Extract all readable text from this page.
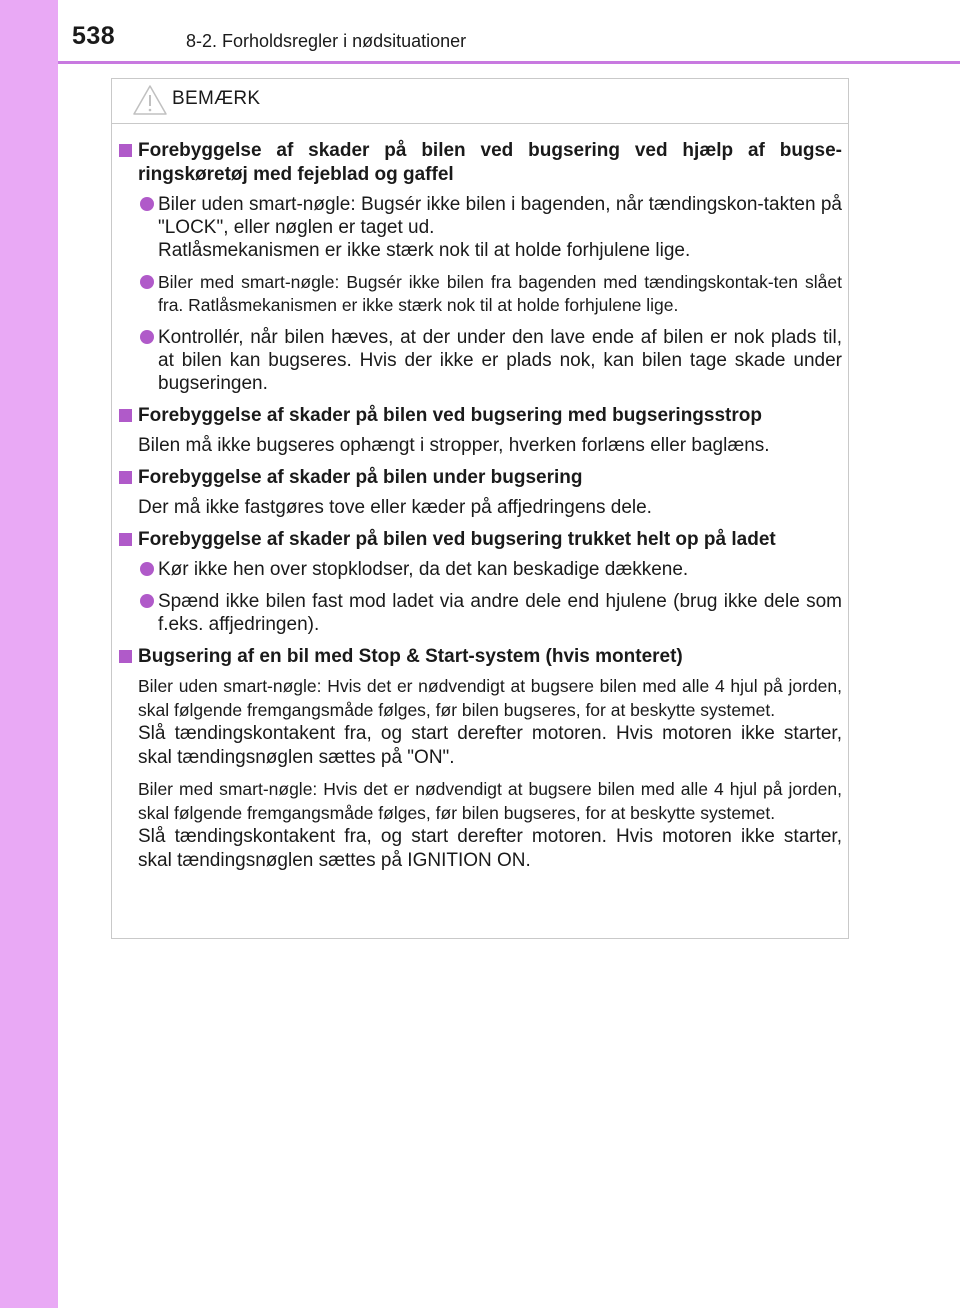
538	8-2. Forholdsregler i nødsituationer
BEMÆRK
Forebyggelse af skader på bilen ved bugsering ved hjælp af bugse-ringskøretøj med fejeblad og gaffel
Biler uden smart-nøgle: Bugsér ikke bilen i bagenden, når tændingskon-takten på "LOCK", eller nøglen er taget ud.
Ratlåsmekanismen er ikke stærk nok til at holde forhjulene lige.
Biler med smart-nøgle: Bugsér ikke bilen fra bagenden med tændingskontak-ten slået fra. Ratlåsmekanismen er ikke stærk nok til at holde forhjulene lige.
Kontrollér, når bilen hæves, at der under den lave ende af bilen er nok plads til, at bilen kan bugseres. Hvis der ikke er plads nok, kan bilen tage skade under bugseringen.
Forebyggelse af skader på bilen ved bugsering med bugseringsstrop
Bilen må ikke bugseres ophængt i stropper, hverken forlæns eller baglæns.
Forebyggelse af skader på bilen under bugsering
Der må ikke fastgøres tove eller kæder på affjedringens dele.
Forebyggelse af skader på bilen ved bugsering trukket helt op på ladet
Kør ikke hen over stopklodser, da det kan beskadige dækkene.
Spænd ikke bilen fast mod ladet via andre dele end hjulene (brug ikke dele som f.eks. affjedringen).
Bugsering af en bil med Stop & Start-system (hvis monteret)
Biler uden smart-nøgle: Hvis det er nødvendigt at bugsere bilen med alle 4 hjul på jorden, skal følgende fremgangsmåde følges, før bilen bugseres, for at beskytte systemet.
Slå tændingskontakent fra, og start derefter motoren. Hvis motoren ikke starter, skal tændingsnøglen sættes på "ON".
Biler med smart-nøgle: Hvis det er nødvendigt at bugsere bilen med alle 4 hjul på jorden, skal følgende fremgangsmåde følges, før bilen bugseres, for at beskytte systemet.
Slå tændingskontakent fra, og start derefter motoren. Hvis motoren ikke starter, skal tændingsnøglen sættes på IGNITION ON.
